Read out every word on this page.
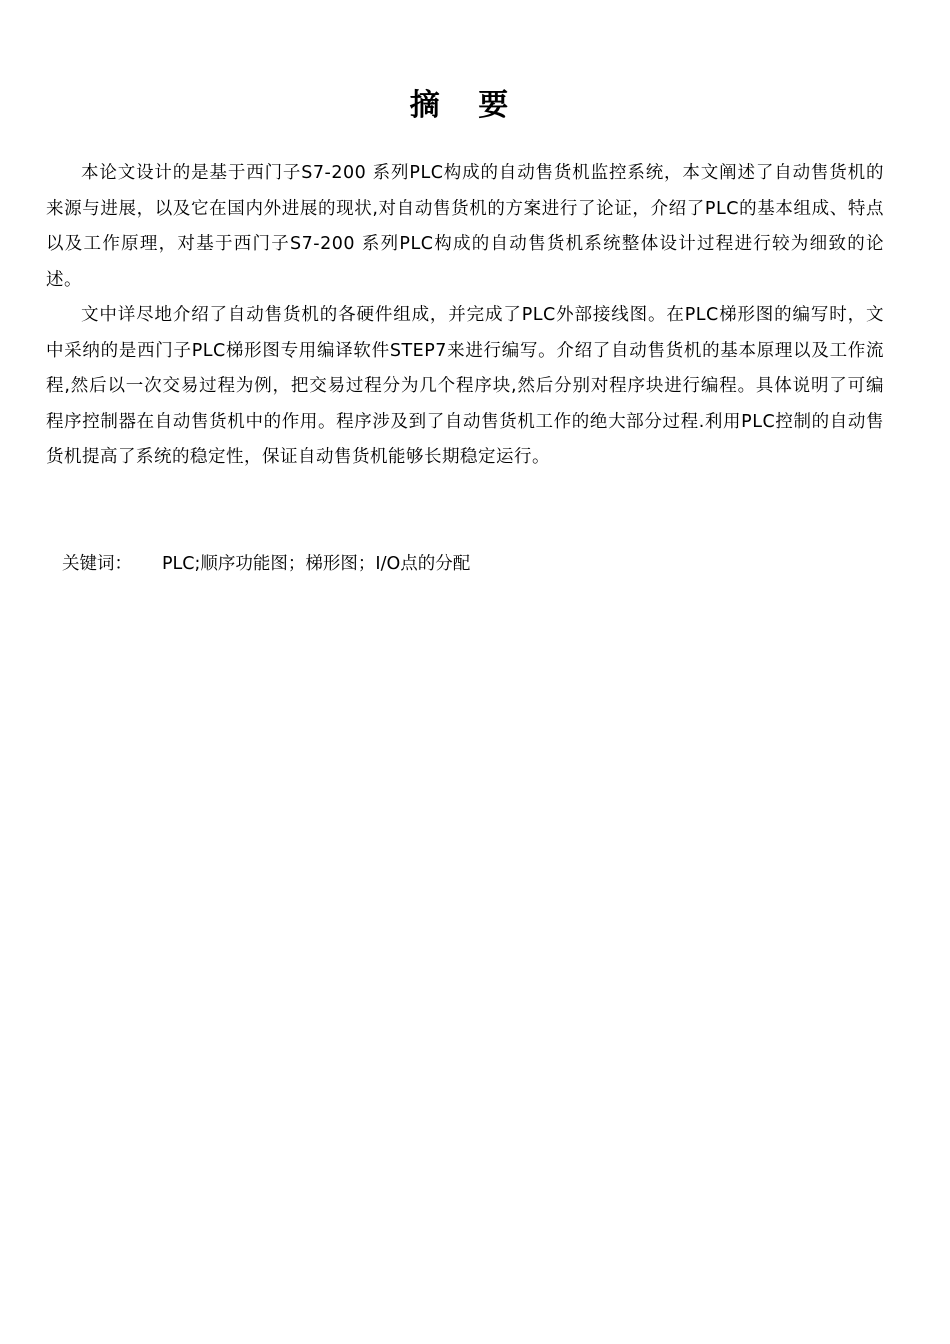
摘 要

本论文设计的是基于西门子S7-200 系列PLC构成的自动售货机监控系统，本文阐述了自动售货机的来源与进展，以及它在国内外进展的现状,对自动售货机的方案进行了论证，介绍了PLC的基本组成、特点以及工作原理，对基于西门子S7-200 系列PLC构成的自动售货机系统整体设计过程进行较为细致的论述。

文中详尽地介绍了自动售货机的各硬件组成，并完成了PLC外部接线图。在PLC梯形图的编写时，文中采纳的是西门子PLC梯形图专用编译软件STEP7来进行编写。介绍了自动售货机的基本原理以及工作流程,然后以一次交易过程为例，把交易过程分为几个程序块,然后分别对程序块进行编程。具体说明了可编程序控制器在自动售货机中的作用。程序涉及到了自动售货机工作的绝大部分过程.利用PLC控制的自动售货机提高了系统的稳定性，保证自动售货机能够长期稳定运行。

关键词： PLC;顺序功能图；梯形图；I/O点的分配
